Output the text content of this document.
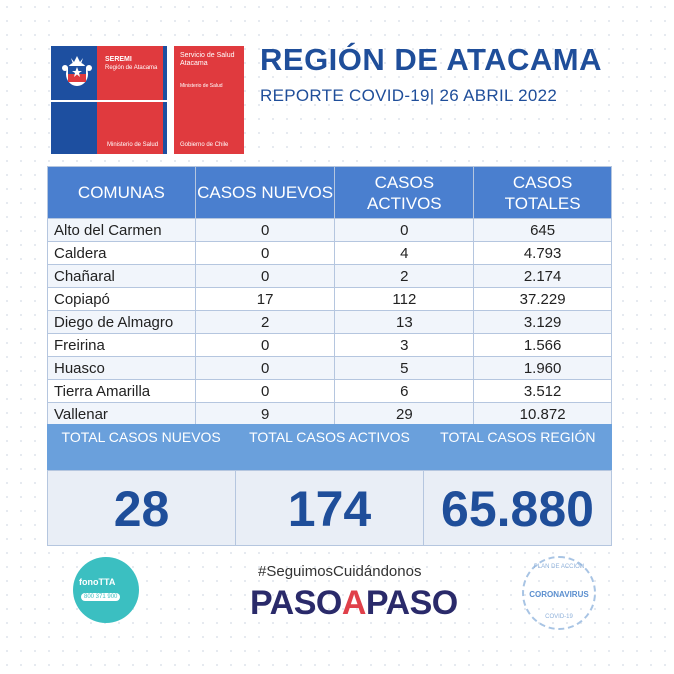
SEREMI
Región de Atacama
Ministerio de Salud
Servicio de Salud Atacama
Ministerio de Salud
Gobierno de Chile
REGIÓN DE ATACAMA
REPORTE COVID-19| 26 ABRIL 2022
COMUNAS	CASOS NUEVOS	CASOS ACTIVOS	CASOS TOTALES
Alto del Carmen	0	0	645
Caldera	0	4	4.793
Chañaral	0	2	2.174
Copiapó	17	112	37.229
Diego de Almagro	2	13	3.129
Freirina	0	3	1.566
Huasco	0	5	1.960
Tierra Amarilla	0	6	3.512
Vallenar	9	29	10.872
TOTAL CASOS NUEVOS	TOTAL CASOS ACTIVOS	TOTAL CASOS REGIÓN
28	174	65.880
fonoTTA
800 371 900
#SeguimosCuidándonos
PASOAPASO
PLAN DE ACCIÓN
CORONAVIRUS
COVID-19
